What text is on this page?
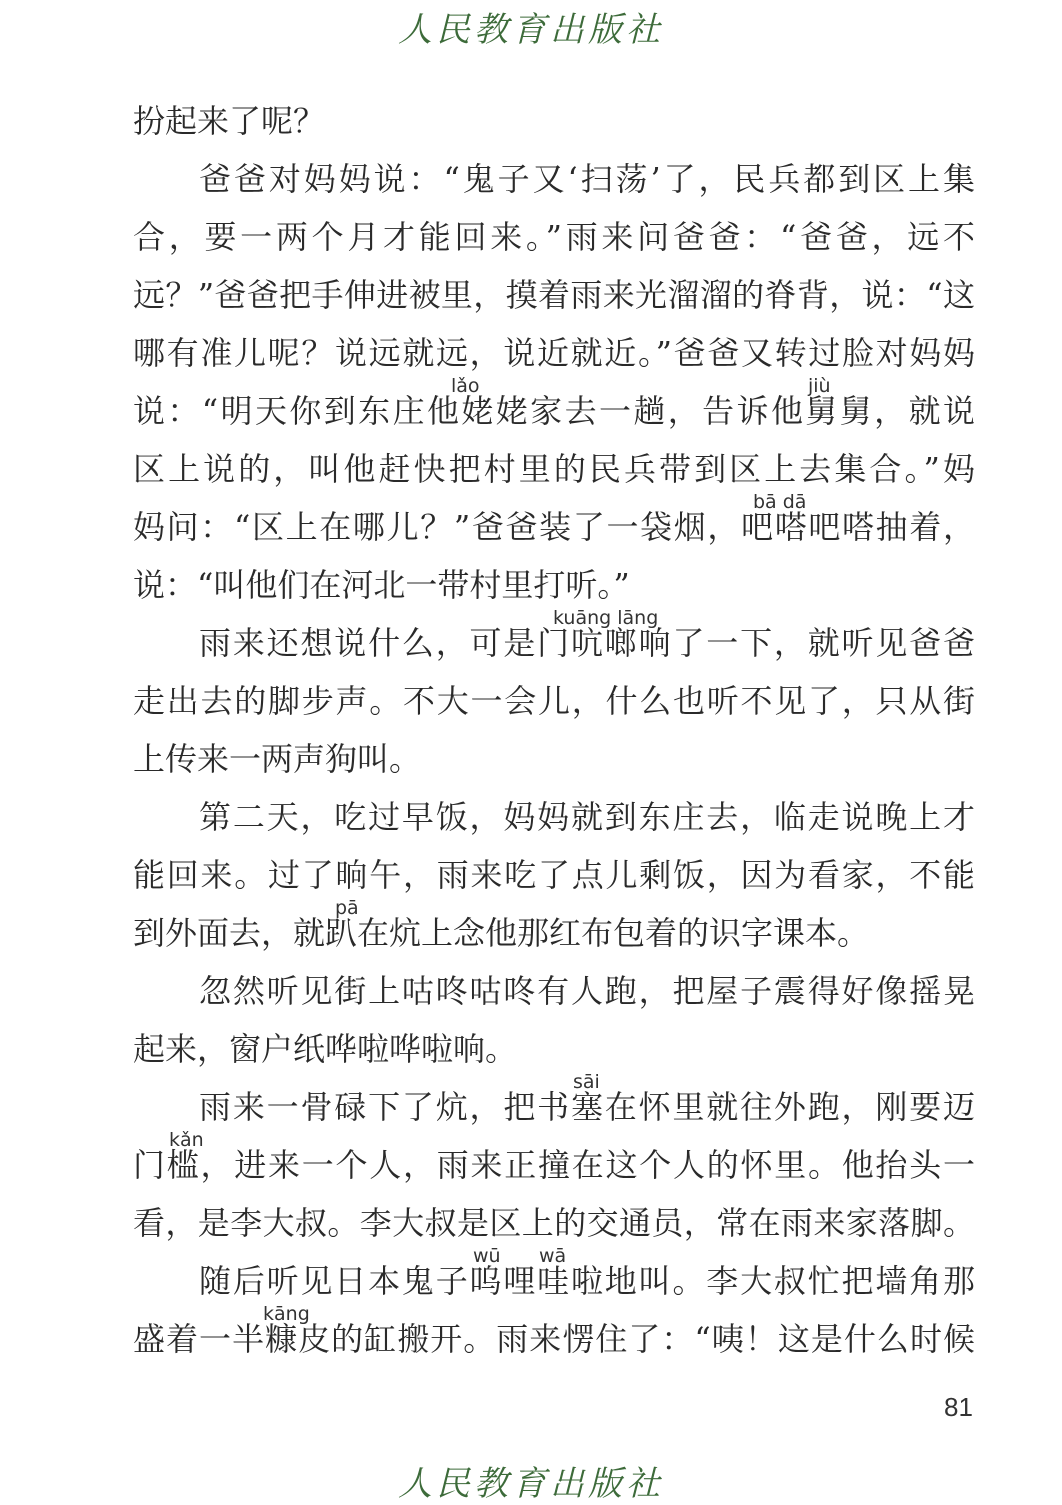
人民教育出版社
扮起来了呢？
爸爸对妈妈说：“鬼子又‘扫荡’了，民兵都到区上集
合，要一两个月才能回来。”雨来问爸爸：“爸爸，远不
远？”爸爸把手伸进被里，摸着雨来光溜溜的脊背，说：“这
哪有准儿呢？说远就远，说近就近。”爸爸又转过脸对妈妈
lǎo	jiù
说：“明天你到东庄他姥姥家去一趟，告诉他舅舅，就说
区上说的，叫他赶快把村里的民兵带到区上去集合。”妈
bā dā
妈问：“区上在哪儿？”爸爸装了一袋烟，吧嗒吧嗒抽着，
说：“叫他们在河北一带村里打听。”
kuāng lāng
雨来还想说什么，可是门吭啷响了一下，就听见爸爸
走出去的脚步声。不大一会儿，什么也听不见了，只从街
上传来一两声狗叫。
第二天，吃过早饭，妈妈就到东庄去，临走说晚上才
能回来。过了晌午，雨来吃了点儿剩饭，因为看家，不能
pā
到外面去，就趴在炕上念他那红布包着的识字课本。
忽然听见街上咕咚咕咚有人跑，把屋子震得好像摇晃
起来，窗户纸哗啦哗啦响。
sāi
雨来一骨碌下了炕，把书塞在怀里就往外跑，刚要迈
kǎn
门槛，进来一个人，雨来正撞在这个人的怀里。他抬头一
看，是李大叔。李大叔是区上的交通员，常在雨来家落脚。
wū wā
随后听见日本鬼子呜哩哇啦地叫。李大叔忙把墙角那
kāng
盛着一半糠皮的缸搬开。雨来愣住了：“咦！这是什么时候
81
人民教育出版社
